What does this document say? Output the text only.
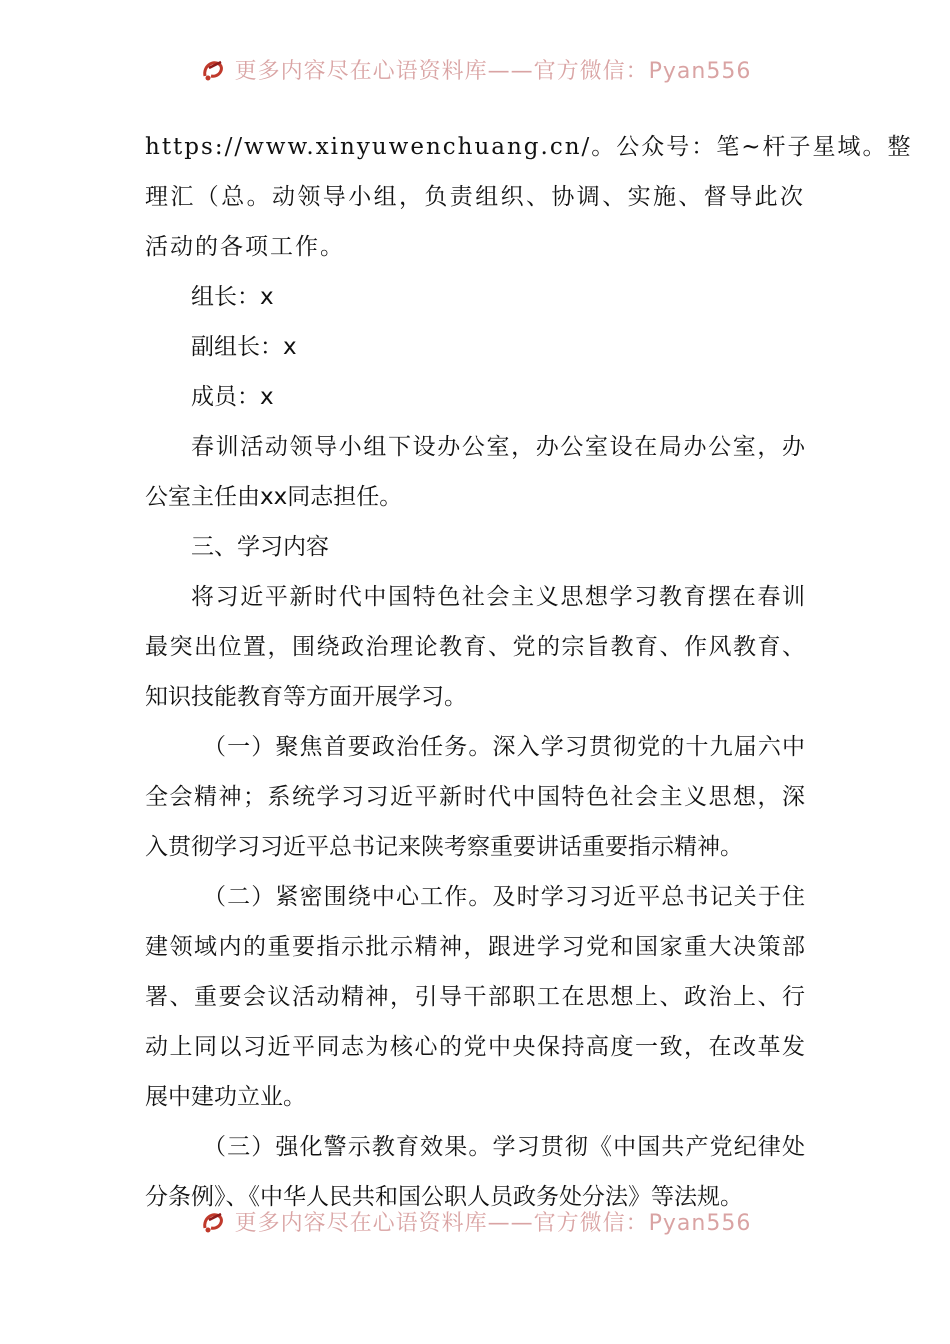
更多内容尽在心语资料库——官方微信：Pyan556
https://www.xinyuwenchuang.cn/。公众号：笔~杆子星域。整
理汇（总。动领导小组，负责组织、协调、实施、督导此次
活动的各项工作。
组长：x
副组长：x
成员：x
春训活动领导小组下设办公室，办公室设在局办公室，办
公室主任由xx同志担任。
三、学习内容
将习近平新时代中国特色社会主义思想学习教育摆在春训
最突出位置，围绕政治理论教育、党的宗旨教育、作风教育、
知识技能教育等方面开展学习。
（一）聚焦首要政治任务。深入学习贯彻党的十九届六中
全会精神；系统学习习近平新时代中国特色社会主义思想，深
入贯彻学习习近平总书记来陕考察重要讲话重要指示精神。
（二）紧密围绕中心工作。及时学习习近平总书记关于住
建领域内的重要指示批示精神，跟进学习党和国家重大决策部
署、重要会议活动精神，引导干部职工在思想上、政治上、行
动上同以习近平同志为核心的党中央保持高度一致，在改革发
展中建功立业。
（三）强化警示教育效果。学习贯彻《中国共产党纪律处
分条例》、《中华人民共和国公职人员政务处分法》等法规。
更多内容尽在心语资料库——官方微信：Pyan556
